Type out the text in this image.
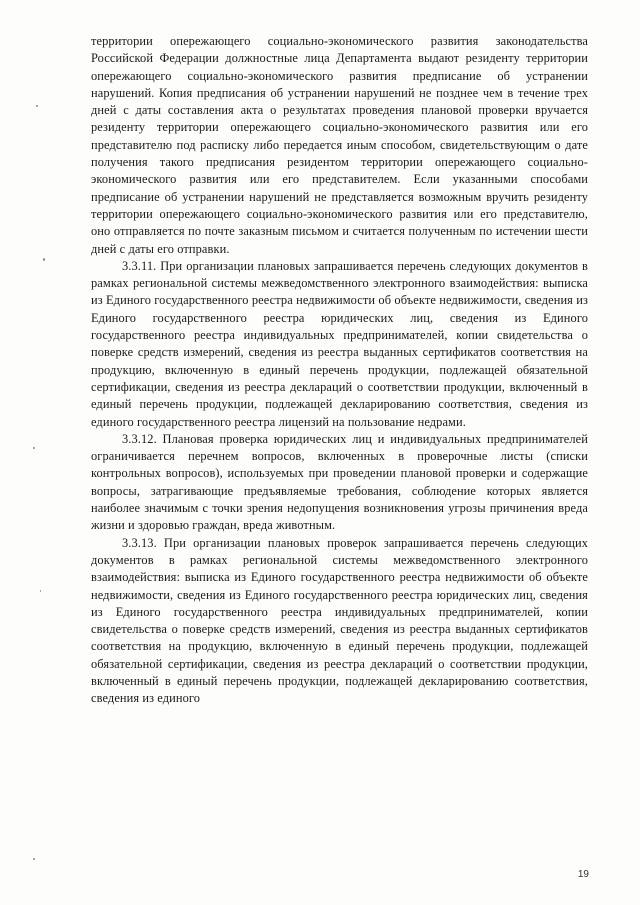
территории опережающего социально-экономического развития законодательства Российской Федерации должностные лица Департамента выдают резиденту территории опережающего социально-экономического развития предписание об устранении нарушений. Копия предписания об устранении нарушений не позднее чем в течение трех дней с даты составления акта о результатах проведения плановой проверки вручается резиденту территории опережающего социально-экономического развития или его представителю под расписку либо передается иным способом, свидетельствующим о дате получения такого предписания резидентом территории опережающего социально-экономического развития или его представителем. Если указанными способами предписание об устранении нарушений не представляется возможным вручить резиденту территории опережающего социально-экономического развития или его представителю, оно отправляется по почте заказным письмом и считается полученным по истечении шести дней с даты его отправки.

3.3.11. При организации плановых запрашивается перечень следующих документов в рамках региональной системы межведомственного электронного взаимодействия: выписка из Единого государственного реестра недвижимости об объекте недвижимости, сведения из Единого государственного реестра юридических лиц, сведения из Единого государственного реестра индивидуальных предпринимателей, копии свидетельства о поверке средств измерений, сведения из реестра выданных сертификатов соответствия на продукцию, включенную в единый перечень продукции, подлежащей обязательной сертификации, сведения из реестра деклараций о соответствии продукции, включенный в единый перечень продукции, подлежащей декларированию соответствия, сведения из единого государственного реестра лицензий на пользование недрами.

3.3.12. Плановая проверка юридических лиц и индивидуальных предпринимателей ограничивается перечнем вопросов, включенных в проверочные листы (списки контрольных вопросов), используемых при проведении плановой проверки и содержащие вопросы, затрагивающие предъявляемые требования, соблюдение которых является наиболее значимым с точки зрения недопущения возникновения угрозы причинения вреда жизни и здоровью граждан, вреда животным.

3.3.13. При организации плановых проверок запрашивается перечень следующих документов в рамках региональной системы межведомственного электронного взаимодействия: выписка из Единого государственного реестра недвижимости об объекте недвижимости, сведения из Единого государственного реестра юридических лиц, сведения из Единого государственного реестра индивидуальных предпринимателей, копии свидетельства о поверке средств измерений, сведения из реестра выданных сертификатов соответствия на продукцию, включенную в единый перечень продукции, подлежащей обязательной сертификации, сведения из реестра деклараций о соответствии продукции, включенный в единый перечень продукции, подлежащей декларированию соответствия, сведения из единого

19
